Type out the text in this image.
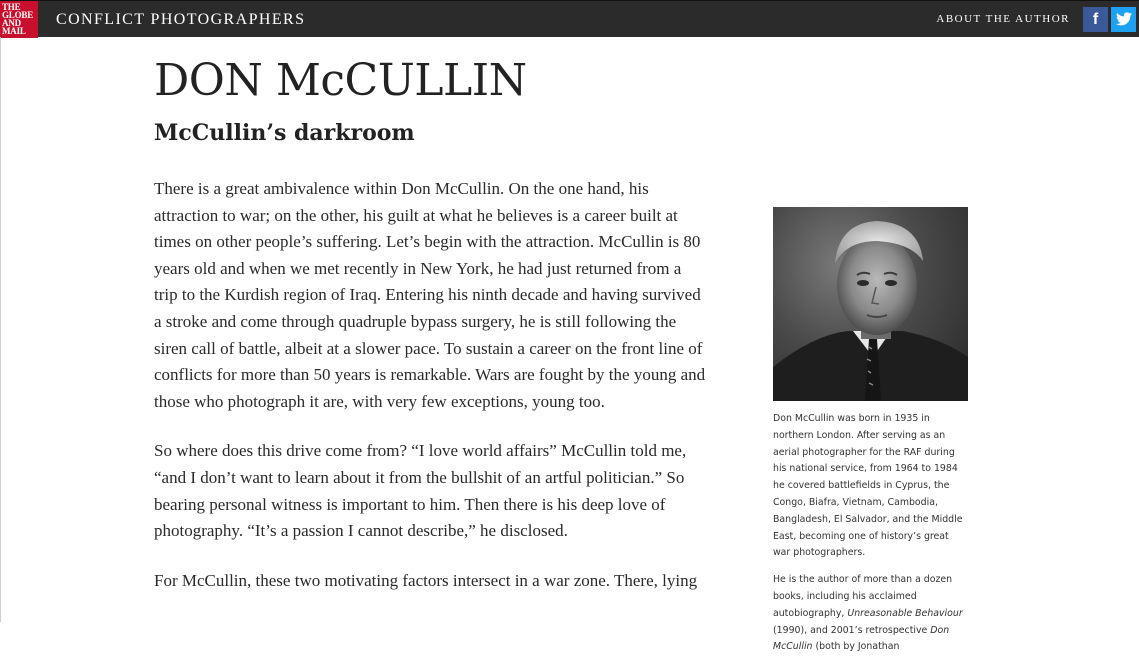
THE
GLOBE
AND
MAIL
CONFLICT PHOTOGRAPHERS	ABOUT THE AUTHOR	f
DON McCULLIN
McCullin’s darkroom

There is a great ambivalence within Don McCullin. On the one hand, his attraction to war; on the other, his guilt at what he believes is a career built at times on other people’s suffering. Let’s begin with the attraction. McCullin is 80 years old and when we met recently in New York, he had just returned from a trip to the Kurdish region of Iraq. Entering his ninth decade and having survived a stroke and come through quadruple bypass surgery, he is still following the siren call of battle, albeit at a slower pace. To sustain a career on the front line of conflicts for more than 50 years is remarkable. Wars are fought by the young and those who photograph it are, with very few exceptions, young too.

So where does this drive come from? “I love world affairs” McCullin told me, “and I don’t want to learn about it from the bullshit of an artful politician.” So bearing personal witness is important to him. Then there is his deep love of photography. “It’s a passion I cannot describe,” he disclosed.

For McCullin, these two motivating factors intersect in a war zone. There, lying

Don McCullin was born in 1935 in northern London. After serving as an aerial photographer for the RAF during his national service, from 1964 to 1984 he covered battlefields in Cyprus, the Congo, Biafra, Vietnam, Cambodia, Bangladesh, El Salvador, and the Middle East, becoming one of history’s great war photographers.

He is the author of more than a dozen books, including his acclaimed autobiography, Unreasonable Behaviour (1990), and 2001’s retrospective Don McCullin (both by Jonathan
